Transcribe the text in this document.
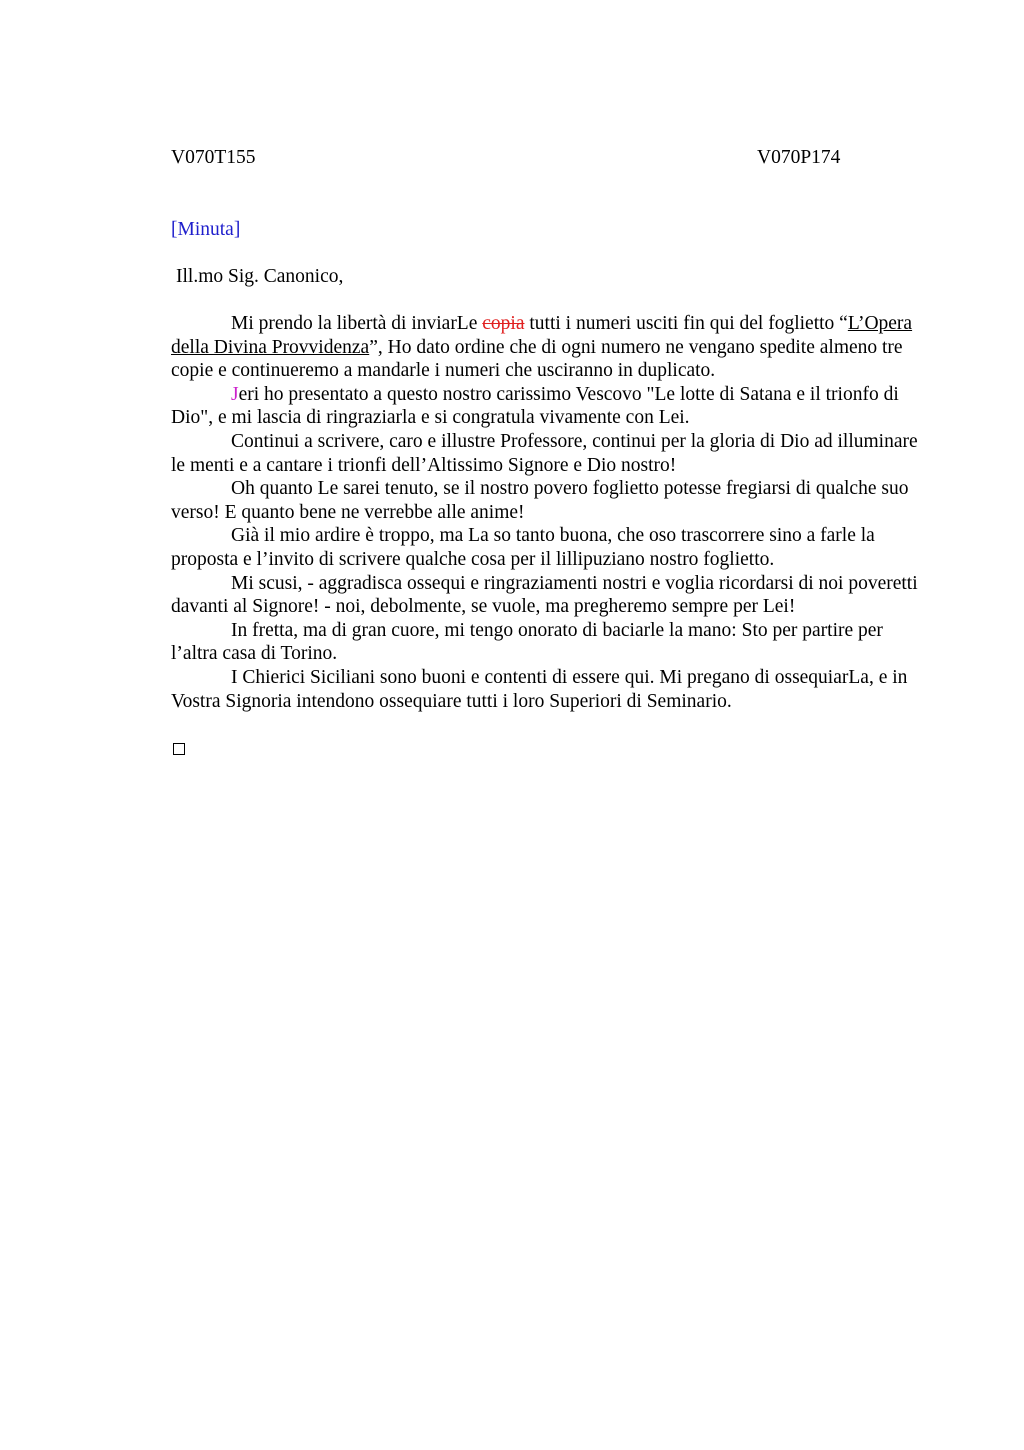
V070T155	V070P174
[Minuta]
Ill.mo Sig. Canonico,

Mi prendo la libertà di inviarLe copia tutti i numeri usciti fin qui del foglietto “L’Opera della Divina Provvidenza”, Ho dato ordine che di ogni numero ne vengano spedite almeno tre copie e continueremo a mandarle i numeri che usciranno in duplicato.

Jeri ho presentato a questo nostro carissimo Vescovo "Le lotte di Satana e il trionfo di Dio", e mi lascia di ringraziarla e si congratula vivamente con Lei.

Continui a scrivere, caro e illustre Professore, continui per la gloria di Dio ad illuminare le menti e a cantare i trionfi dell’Altissimo Signore e Dio nostro!

Oh quanto Le sarei tenuto, se il nostro povero foglietto potesse fregiarsi di qualche suo verso! E quanto bene ne verrebbe alle anime!

Già il mio ardire è troppo, ma La so tanto buona, che oso trascorrere sino a farle la proposta e l’invito di scrivere qualche cosa per il lillipuziano nostro foglietto.

Mi scusi, - aggradisca ossequi e ringraziamenti nostri e voglia ricordarsi di noi poveretti davanti al Signore! - noi, debolmente, se vuole, ma pregheremo sempre per Lei!

In fretta, ma di gran cuore, mi tengo onorato di baciarle la mano: Sto per partire per l’altra casa di Torino.

I Chierici Siciliani sono buoni e contenti di essere qui. Mi pregano di ossequiarLa, e in Vostra Signoria intendono ossequiare tutti i loro Superiori di Seminario.
